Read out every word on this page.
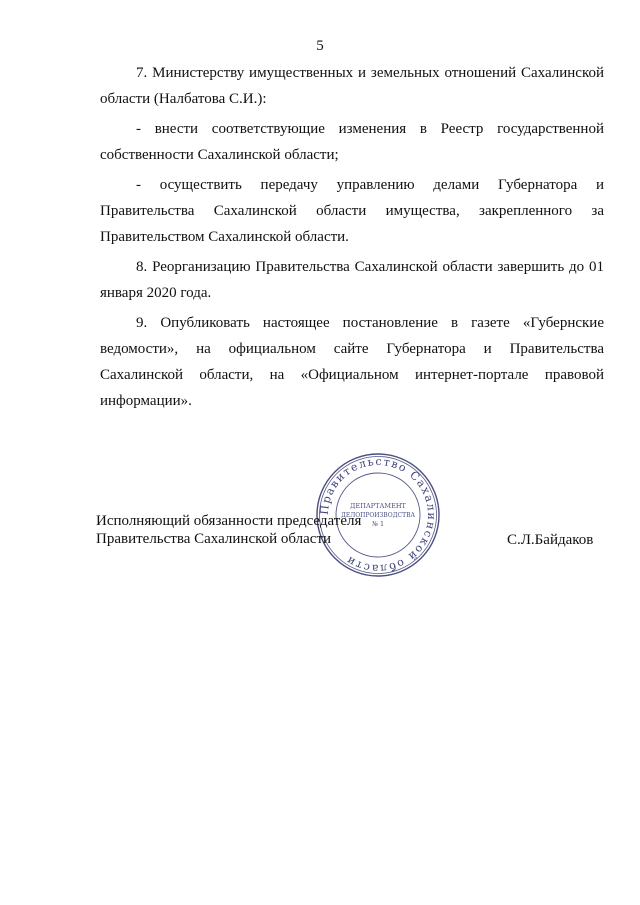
5

7. Министерству имущественных и земельных отношений Сахалинской области (Налбатова С.И.):

- внести соответствующие изменения в Реестр государственной собственности Сахалинской области;

- осуществить передачу управлению делами Губернатора и Правительства Сахалинской области имущества, закрепленного за Правительством Сахалинской области.

8. Реорганизацию Правительства Сахалинской области завершить до 01 января 2020 года.

9. Опубликовать настоящее постановление в газете «Губернские ведомости», на официальном сайте Губернатора и Правительства Сахалинской области, на «Официальном интернет-портале правовой информации».

Правительство Сахалинской области
ДЕПАРТАМЕНТ
ДЕЛОПРОИЗВОДСТВА
№ 1
Исполняющий обязанности председателя
Правительства Сахалинской области	С.Л.Байдаков
